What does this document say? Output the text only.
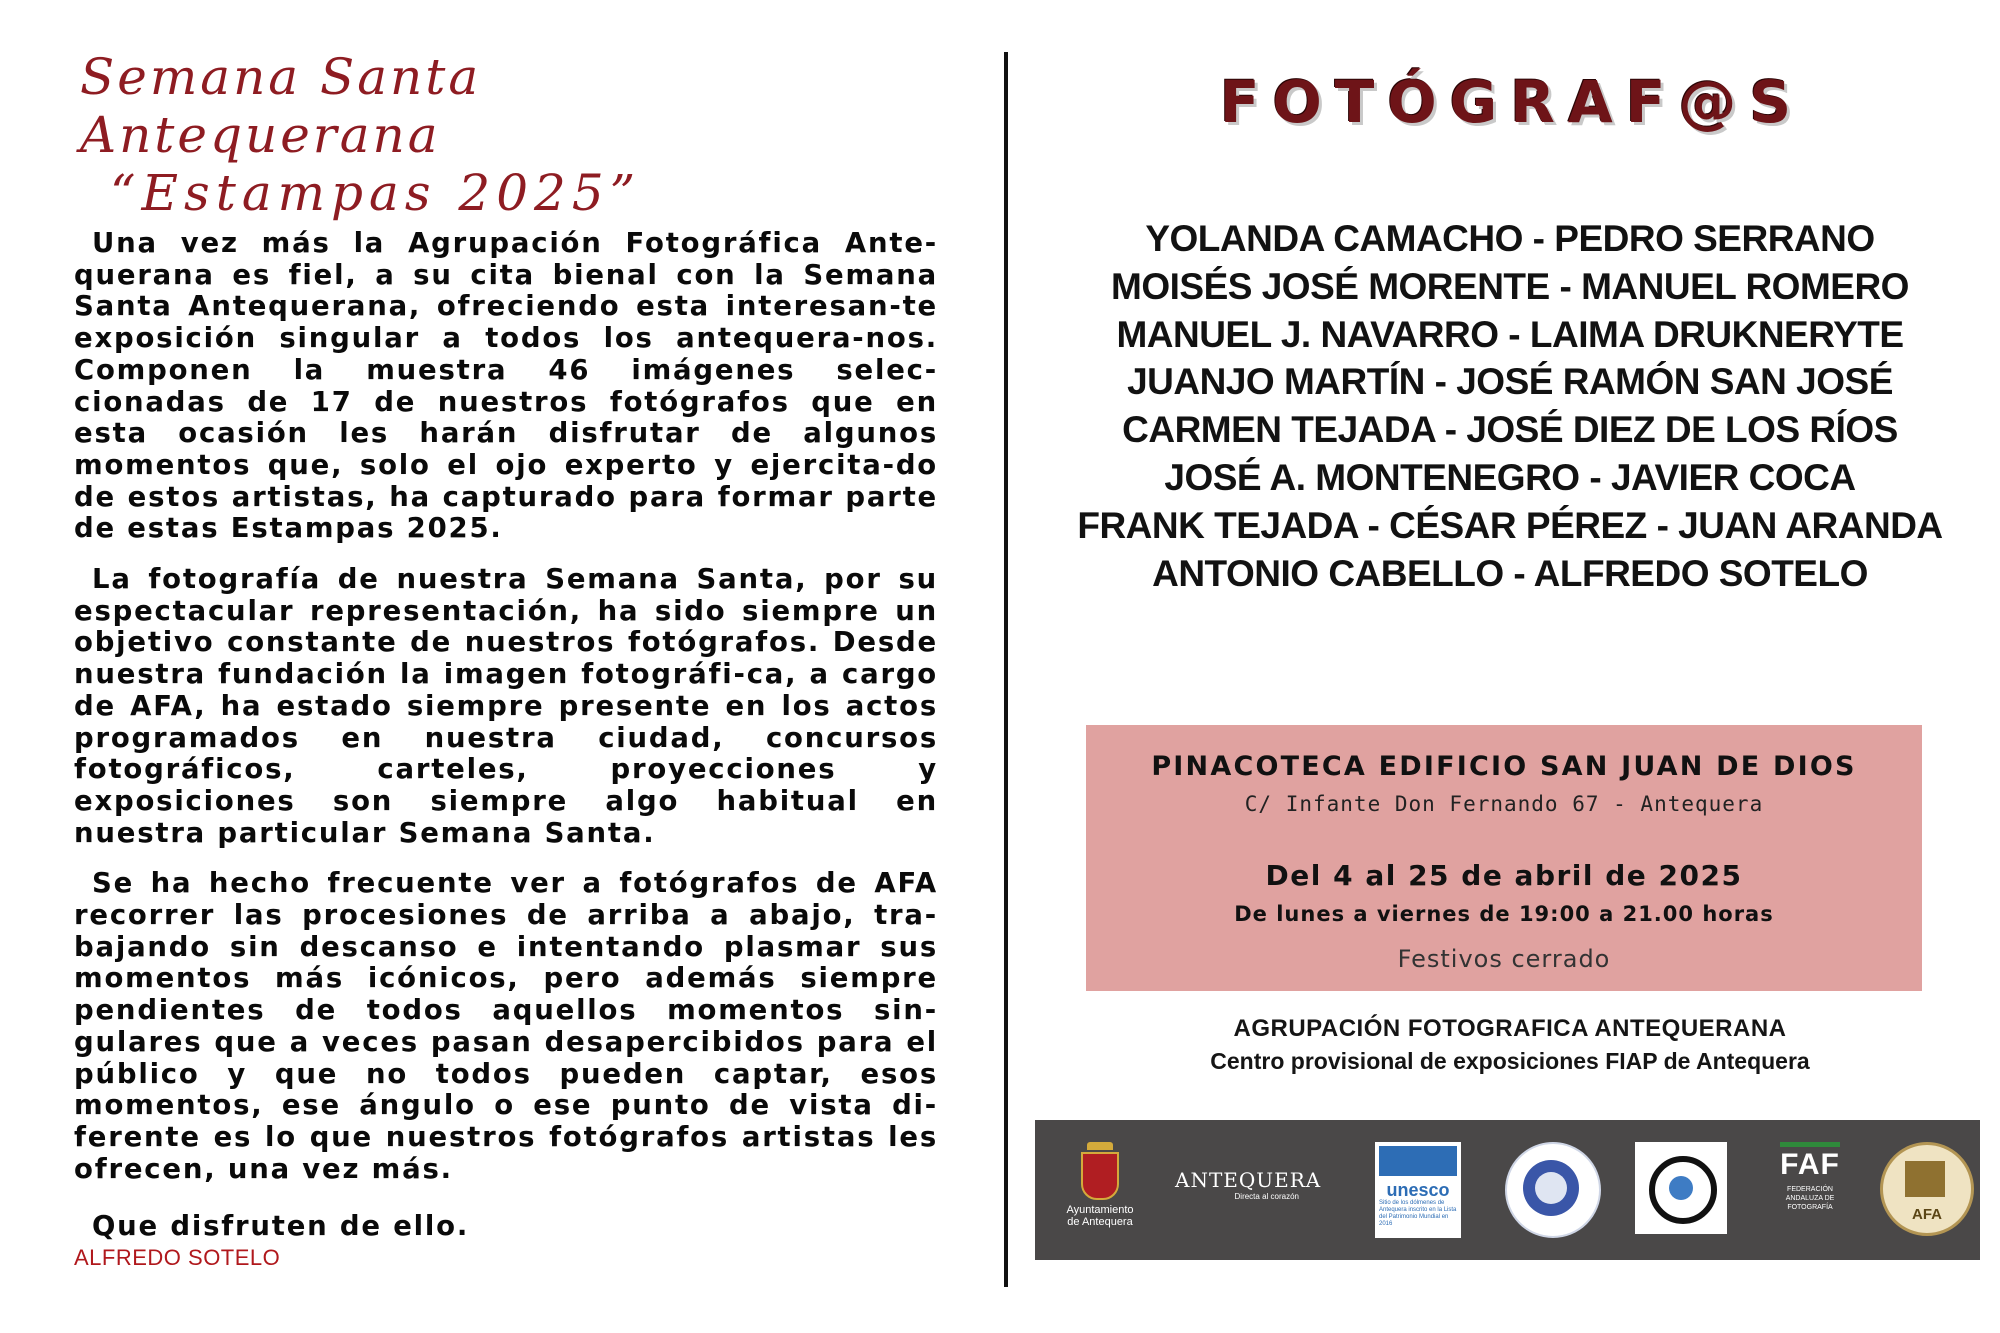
Semana Santa Antequerana
“Estampas 2025”

Una vez más la Agrupación Fotográfica Ante-querana es fiel, a su cita bienal con la Semana Santa Antequerana, ofreciendo esta interesan-te exposición singular a todos los antequera-nos. Componen la muestra 46 imágenes selec-cionadas de 17 de nuestros fotógrafos que en esta ocasión les harán disfrutar de algunos momentos que, solo el ojo experto y ejercita-do de estos artistas, ha capturado para formar parte de estas Estampas 2025.

La fotografía de nuestra Semana Santa, por su espectacular representación, ha sido siempre un objetivo constante de nuestros fotógrafos. Desde nuestra fundación la imagen fotográfi-ca, a cargo de AFA, ha estado siempre presente en los actos programados en nuestra ciudad, concursos fotográficos, carteles, proyecciones y exposiciones son siempre algo habitual en nuestra particular Semana Santa.

Se ha hecho frecuente ver a fotógrafos de AFA recorrer las procesiones de arriba a abajo, tra-bajando sin descanso e intentando plasmar sus momentos más icónicos, pero además siempre pendientes de todos aquellos momentos sin-gulares que a veces pasan desapercibidos para el público y que no todos pueden captar, esos momentos, ese ángulo o ese punto de vista di-ferente es lo que nuestros fotógrafos artistas les ofrecen, una vez más.

Que disfruten de ello.

ALFREDO SOTELO
FOTÓGRAF@S
YOLANDA CAMACHO - PEDRO SERRANO
MOISÉS JOSÉ MORENTE - MANUEL ROMERO
MANUEL J. NAVARRO - LAIMA DRUKNERYTE
JUANJO MARTÍN - JOSÉ RAMÓN SAN JOSÉ
CARMEN TEJADA - JOSÉ DIEZ DE LOS RÍOS
JOSÉ A. MONTENEGRO - JAVIER COCA
FRANK TEJADA - CÉSAR PÉREZ - JUAN ARANDA
ANTONIO CABELLO - ALFREDO SOTELO
PINACOTECA EDIFICIO SAN JUAN DE DIOS
C/ Infante Don Fernando 67 - Antequera
Del 4 al 25 de abril de 2025
De lunes a viernes de 19:00 a 21.00 horas
Festivos cerrado
AGRUPACIÓN FOTOGRAFICA ANTEQUERANA
Centro provisional de exposiciones FIAP de Antequera
Ayuntamiento
de Antequera
ANTEQUERA
Directa al corazón	unesco
Sitio de los dólmenes de Antequera inscrito en la Lista del Patrimonio Mundial en 2016
FAF
FEDERACIÓN ANDALUZA DE FOTOGRAFÍA	AFA
